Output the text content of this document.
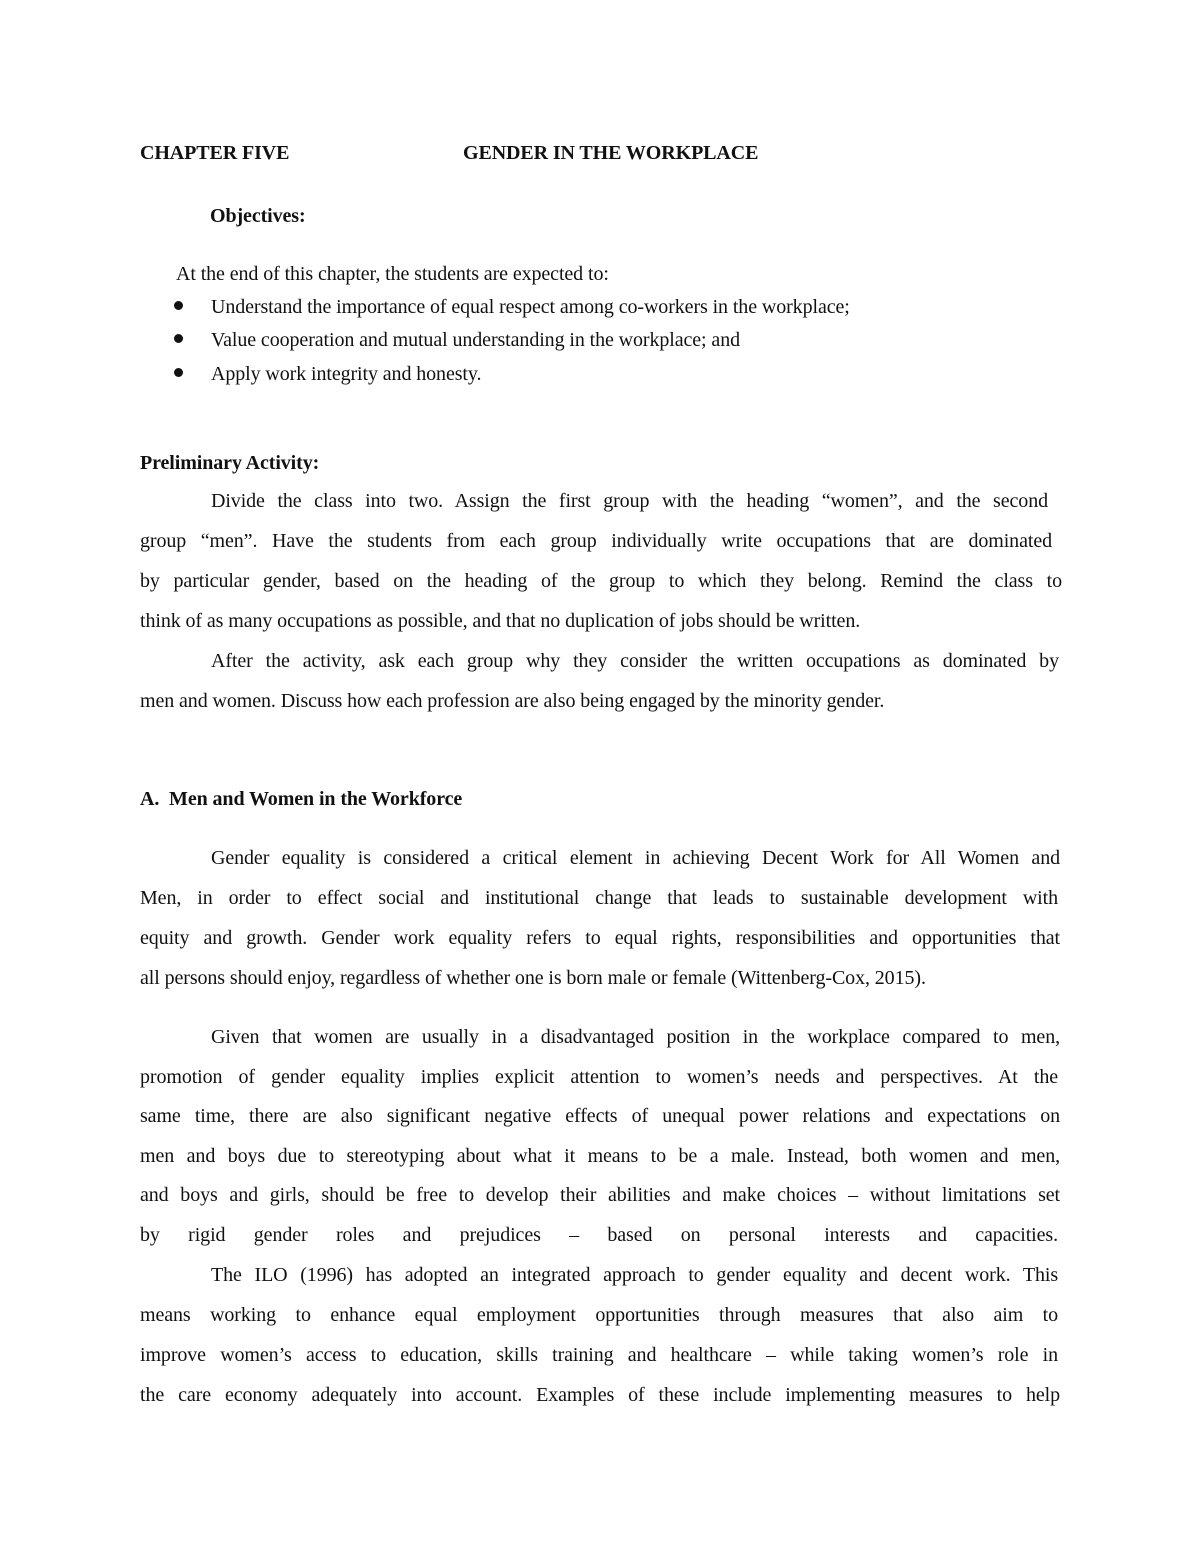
CHAPTER FIVE	GENDER IN THE WORKPLACE
Objectives:
At the end of this chapter, the students are expected to:
Understand the importance of equal respect among co-workers in the workplace;
Value cooperation and mutual understanding in the workplace; and
Apply work integrity and honesty.
Preliminary Activity:
Divide the class into two. Assign the first group with the heading “women”, and the second
group “men”. Have the students from each group individually write occupations that are dominated
by particular gender, based on the heading of the group to which they belong. Remind the class to
think of as many occupations as possible, and that no duplication of jobs should be written.
After the activity, ask each group why they consider the written occupations as dominated by
men and women. Discuss how each profession are also being engaged by the minority gender.
A.  Men and Women in the Workforce
Gender equality is considered a critical element in achieving Decent Work for All Women and
Men, in order to effect social and institutional change that leads to sustainable development with
equity and growth. Gender work equality refers to equal rights, responsibilities and opportunities that
all persons should enjoy, regardless of whether one is born male or female (Wittenberg-Cox, 2015).
Given that women are usually in a disadvantaged position in the workplace compared to men,
promotion of gender equality implies explicit attention to women’s needs and perspectives. At the
same time, there are also significant negative effects of unequal power relations and expectations on
men and boys due to stereotyping about what it means to be a male. Instead, both women and men,
and boys and girls, should be free to develop their abilities and make choices – without limitations set
by rigid gender roles and prejudices – based on personal interests and capacities.
The ILO (1996) has adopted an integrated approach to gender equality and decent work. This
means working to enhance equal employment opportunities through measures that also aim to
improve women’s access to education, skills training and healthcare – while taking women’s role in
the care economy adequately into account. Examples of these include implementing measures to help
